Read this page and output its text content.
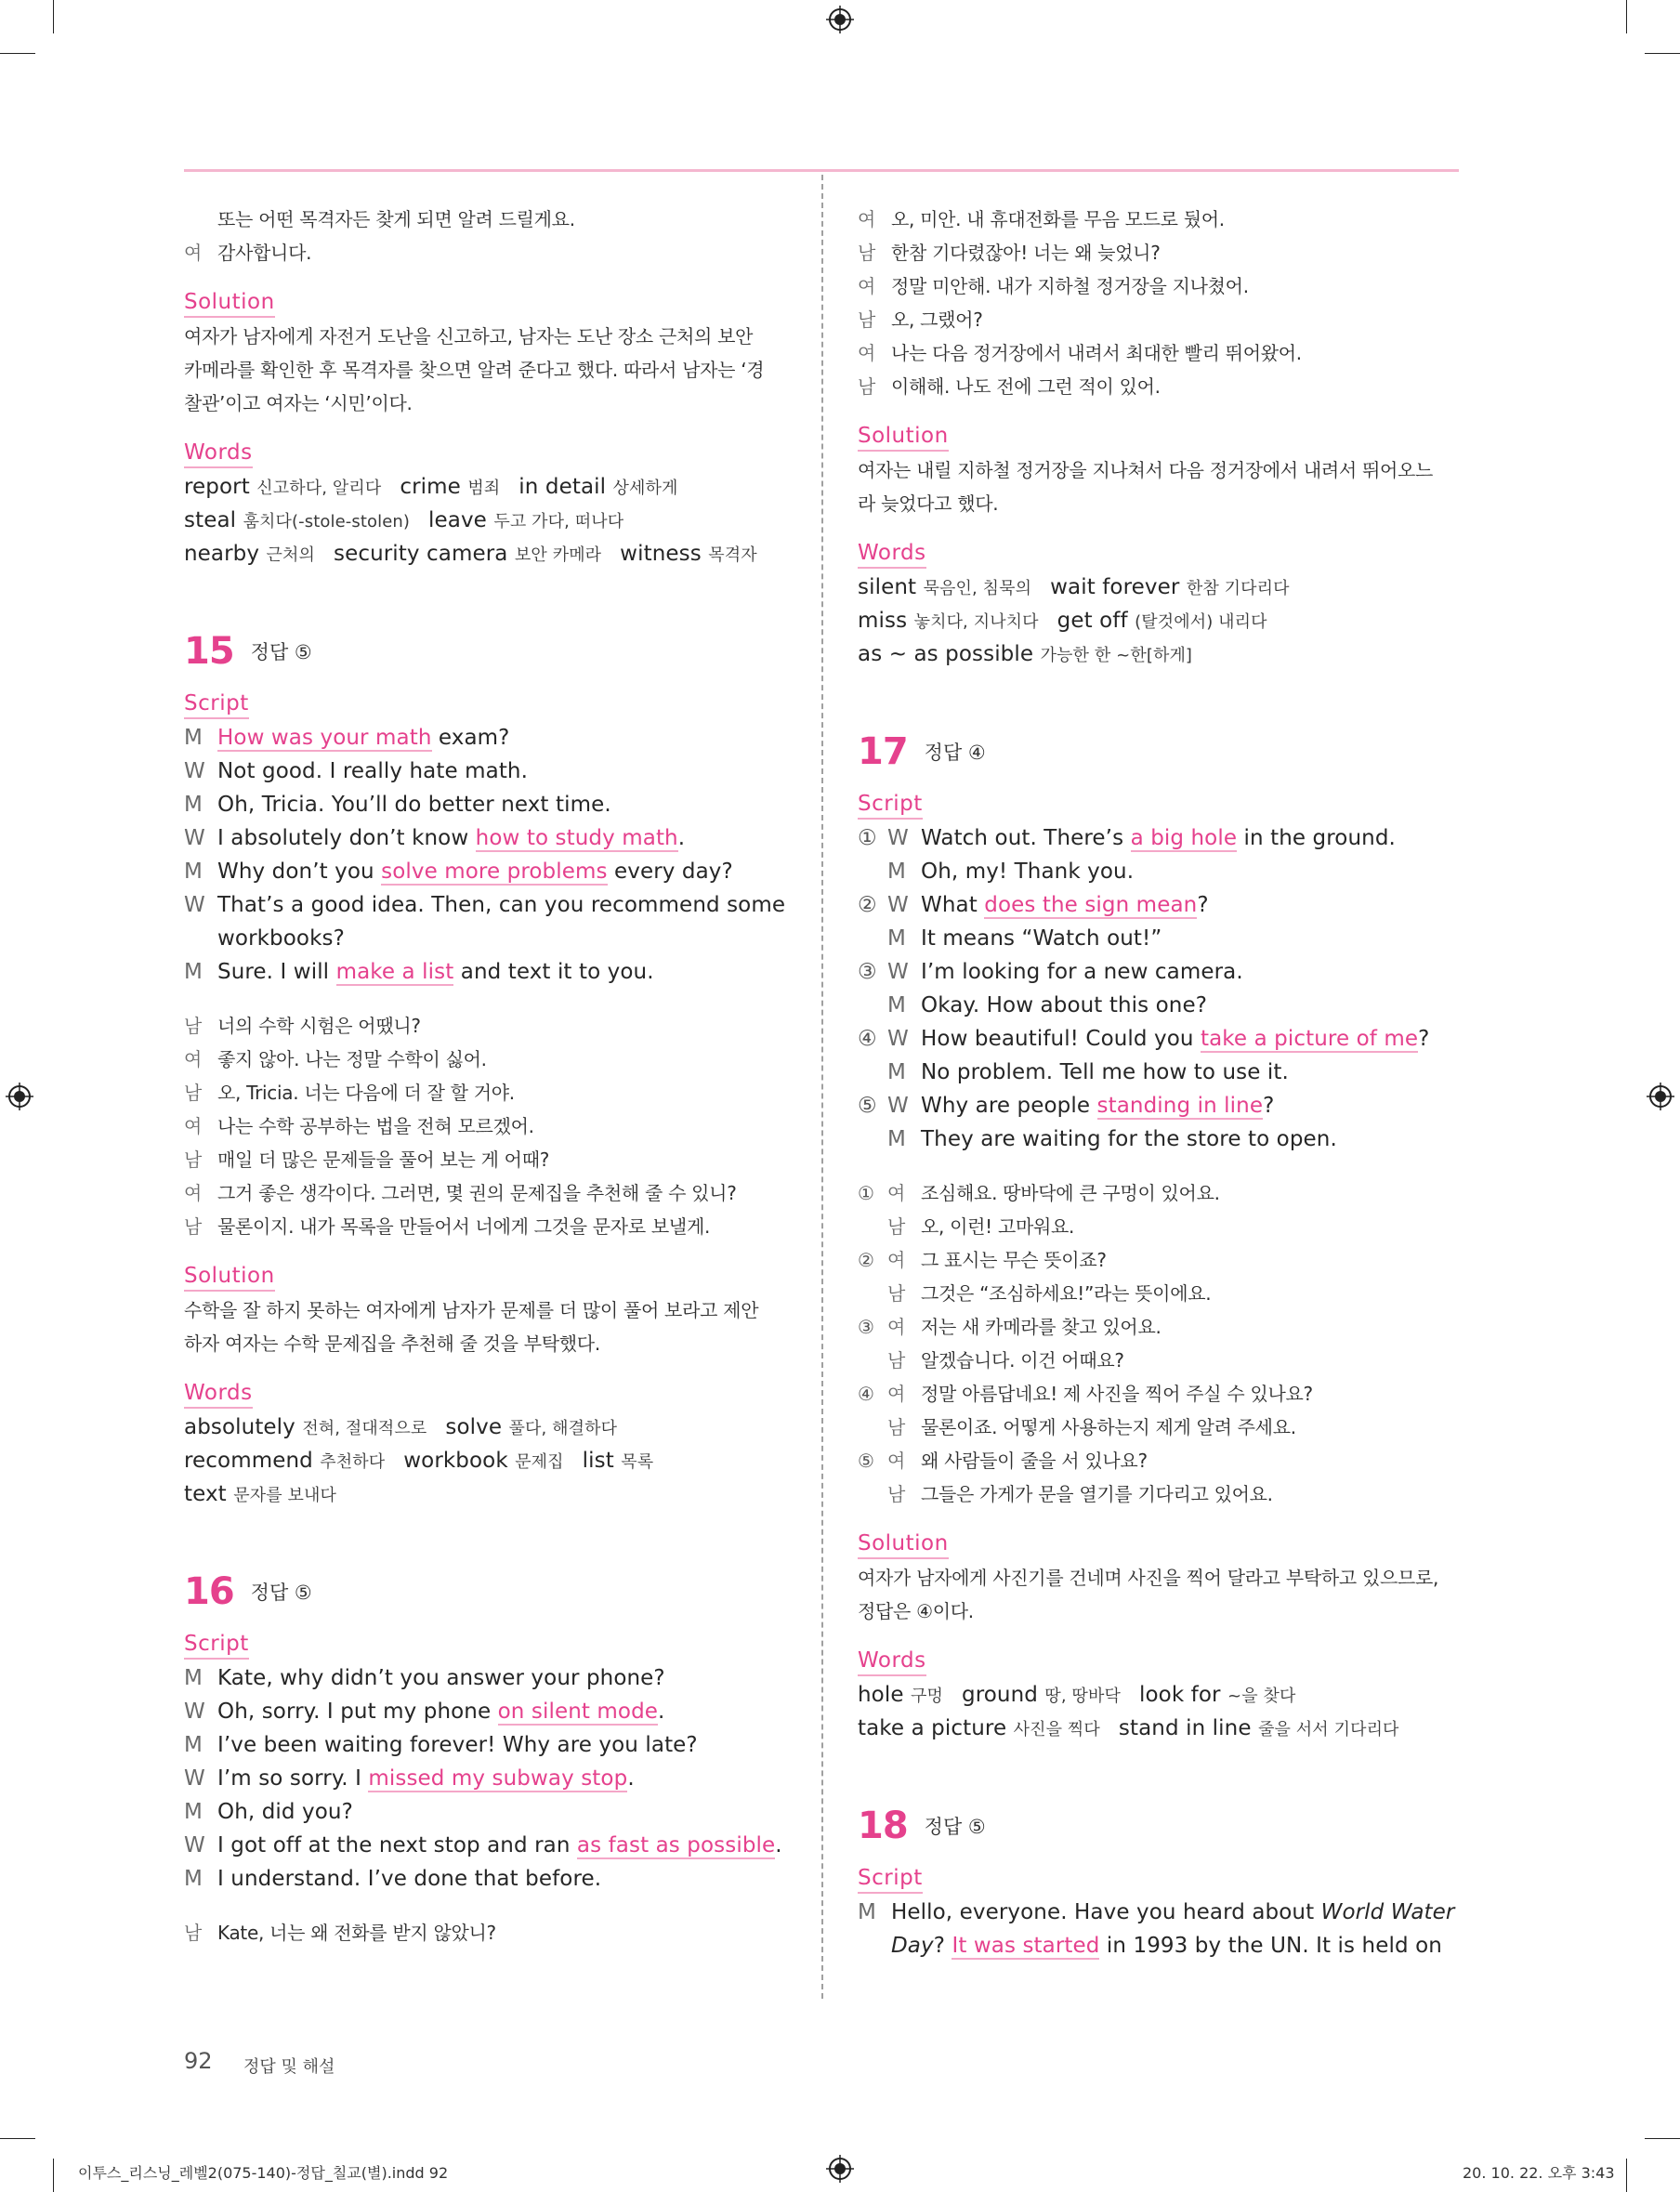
또는 어떤 목격자든 찾게 되면 알려 드릴게요.
여 감사합니다.
Solution
여자가 남자에게 자전거 도난을 신고하고, 남자는 도난 장소 근처의 보안
카메라를 확인한 후 목격자를 찾으면 알려 준다고 했다. 따라서 남자는 ‘경
찰관’이고 여자는 ‘시민’이다.
Words
report 신고하다, 알리다 crime 범죄 in detail 상세하게
steal 훔치다(-stole-stolen) leave 두고 가다, 떠나다
nearby 근처의 security camera 보안 카메라 witness 목격자
15 정답 ⑤
Script
M How was your math exam?
W Not good. I really hate math.
M Oh, Tricia. You’ll do better next time.
W I absolutely don’t know how to study math.
M Why don’t you solve more problems every day?
W That’s a good idea. Then, can you recommend some
workbooks?
M Sure. I will make a list and text it to you.
남 너의 수학 시험은 어땠니?
여 좋지 않아. 나는 정말 수학이 싫어.
남 오, Tricia. 너는 다음에 더 잘 할 거야.
여 나는 수학 공부하는 법을 전혀 모르겠어.
남 매일 더 많은 문제들을 풀어 보는 게 어때?
여 그거 좋은 생각이다. 그러면, 몇 권의 문제집을 추천해 줄 수 있니?
남 물론이지. 내가 목록을 만들어서 너에게 그것을 문자로 보낼게.
Solution
수학을 잘 하지 못하는 여자에게 남자가 문제를 더 많이 풀어 보라고 제안
하자 여자는 수학 문제집을 추천해 줄 것을 부탁했다.
Words
absolutely 전혀, 절대적으로 solve 풀다, 해결하다
recommend 추천하다 workbook 문제집 list 목록
text 문자를 보내다
16 정답 ⑤
Script
M Kate, why didn’t you answer your phone?
W Oh, sorry. I put my phone on silent mode.
M I’ve been waiting forever! Why are you late?
W I’m so sorry. I missed my subway stop.
M Oh, did you?
W I got off at the next stop and ran as fast as possible.
M I understand. I’ve done that before.
남 Kate, 너는 왜 전화를 받지 않았니?
여 오, 미안. 내 휴대전화를 무음 모드로 뒀어.
남 한참 기다렸잖아! 너는 왜 늦었니?
여 정말 미안해. 내가 지하철 정거장을 지나쳤어.
남 오, 그랬어?
여 나는 다음 정거장에서 내려서 최대한 빨리 뛰어왔어.
남 이해해. 나도 전에 그런 적이 있어.
Solution
여자는 내릴 지하철 정거장을 지나쳐서 다음 정거장에서 내려서 뛰어오느
라 늦었다고 했다.
Words
silent 묵음인, 침묵의 wait forever 한참 기다리다
miss 놓치다, 지나치다 get off (탈것에서) 내리다
as ~ as possible 가능한 한 ~한[하게]
17 정답 ④
Script
① W Watch out. There’s a big hole in the ground.
M Oh, my! Thank you.
② W What does the sign mean?
M It means “Watch out!”
③ W I’m looking for a new camera.
M Okay. How about this one?
④ W How beautiful! Could you take a picture of me?
M No problem. Tell me how to use it.
⑤ W Why are people standing in line?
M They are waiting for the store to open.
① 여 조심해요. 땅바닥에 큰 구멍이 있어요.
남 오, 이런! 고마워요.
② 여 그 표시는 무슨 뜻이죠?
남 그것은 “조심하세요!”라는 뜻이에요.
③ 여 저는 새 카메라를 찾고 있어요.
남 알겠습니다. 이건 어때요?
④ 여 정말 아름답네요! 제 사진을 찍어 주실 수 있나요?
남 물론이죠. 어떻게 사용하는지 제게 알려 주세요.
⑤ 여 왜 사람들이 줄을 서 있나요?
남 그들은 가게가 문을 열기를 기다리고 있어요.
Solution
여자가 남자에게 사진기를 건네며 사진을 찍어 달라고 부탁하고 있으므로,
정답은 ④이다.
Words
hole 구멍 ground 땅, 땅바닥 look for ~을 찾다
take a picture 사진을 찍다 stand in line 줄을 서서 기다리다
18 정답 ⑤
Script
M Hello, everyone. Have you heard about World Water
Day? It was started in 1993 by the UN. It is held on
92 정답 및 해설
이투스_리스닝_레벨2(075-140)-정답_칠교(별).indd 92	20. 10. 22. 오후 3:43
